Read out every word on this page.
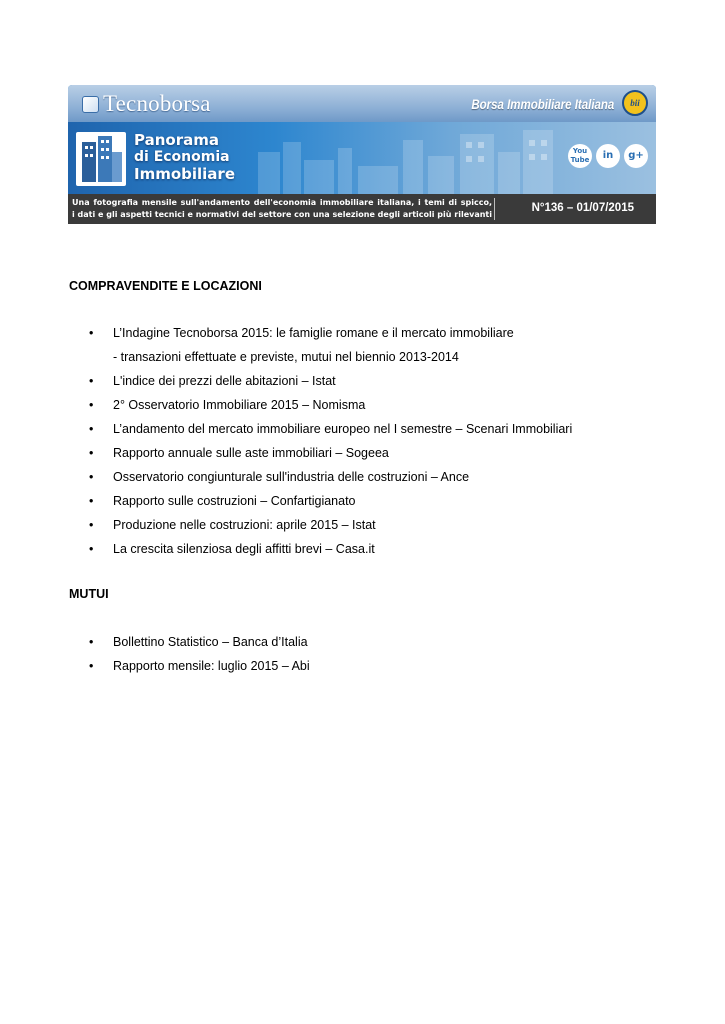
Tecnoborsa	Borsa Immobiliare Italiana	bii
Panorama
di Economia
Immobiliare
You Tube	in	g+
Una fotografia mensile sull'andamento dell'economia immobiliare italiana, i temi di spicco,
i dati e gli aspetti tecnici e normativi del settore con una selezione degli articoli più rilevanti
N°136 – 01/07/2015
COMPRAVENDITE E LOCAZIONI
• L’Indagine Tecnoborsa 2015: le famiglie romane e il mercato immobiliare
- transazioni effettuate e previste, mutui nel biennio 2013-2014
• L'indice dei prezzi delle abitazioni – Istat
• 2° Osservatorio Immobiliare 2015 – Nomisma
• L’andamento del mercato immobiliare europeo nel I semestre – Scenari Immobiliari
• Rapporto annuale sulle aste immobiliari – Sogeea
• Osservatorio congiunturale sull'industria delle costruzioni – Ance
• Rapporto sulle costruzioni – Confartigianato
• Produzione nelle costruzioni: aprile 2015 – Istat
• La crescita silenziosa degli affitti brevi – Casa.it
MUTUI
• Bollettino Statistico – Banca d’Italia
• Rapporto mensile: luglio 2015 – Abi
